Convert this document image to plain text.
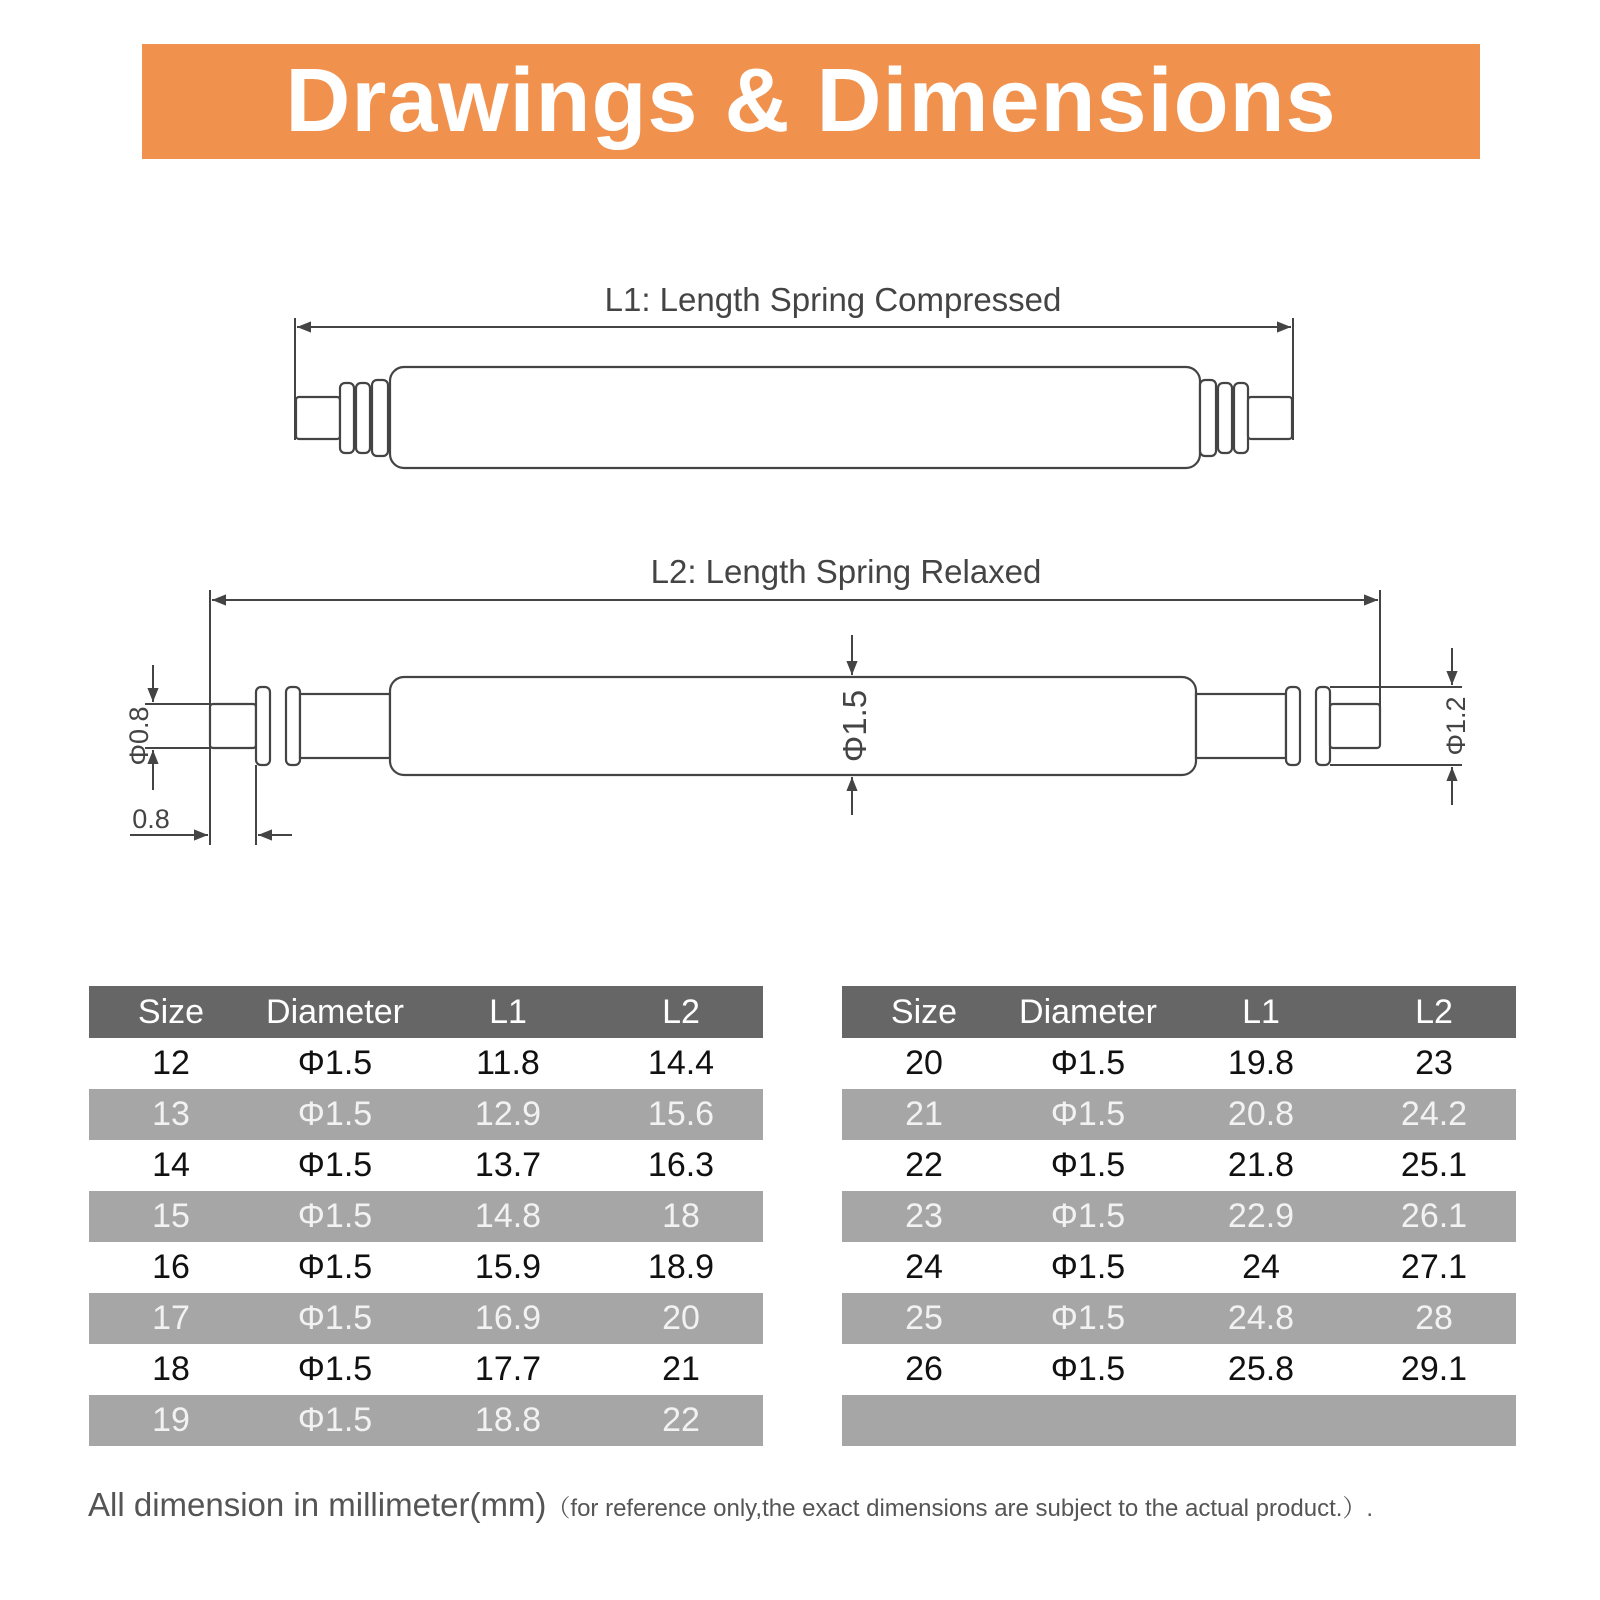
Drawings & Dimensions
L1: Length Spring Compressed
L2: Length Spring Relaxed
Φ0.8
0.8
Φ1.5	Φ1.2
Size	Diameter	L1	L2
12	Φ1.5	11.8	14.4
13	Φ1.5	12.9	15.6
14	Φ1.5	13.7	16.3
15	Φ1.5	14.8	18
16	Φ1.5	15.9	18.9
17	Φ1.5	16.9	20
18	Φ1.5	17.7	21
19	Φ1.5	18.8	22
Size	Diameter	L1	L2
20	Φ1.5	19.8	23
21	Φ1.5	20.8	24.2
22	Φ1.5	21.8	25.1
23	Φ1.5	22.9	26.1
24	Φ1.5	24	27.1
25	Φ1.5	24.8	28
26	Φ1.5	25.8	29.1

All dimension in millimeter(mm)（for reference only,the exact dimensions are subject to the actual product.）.
